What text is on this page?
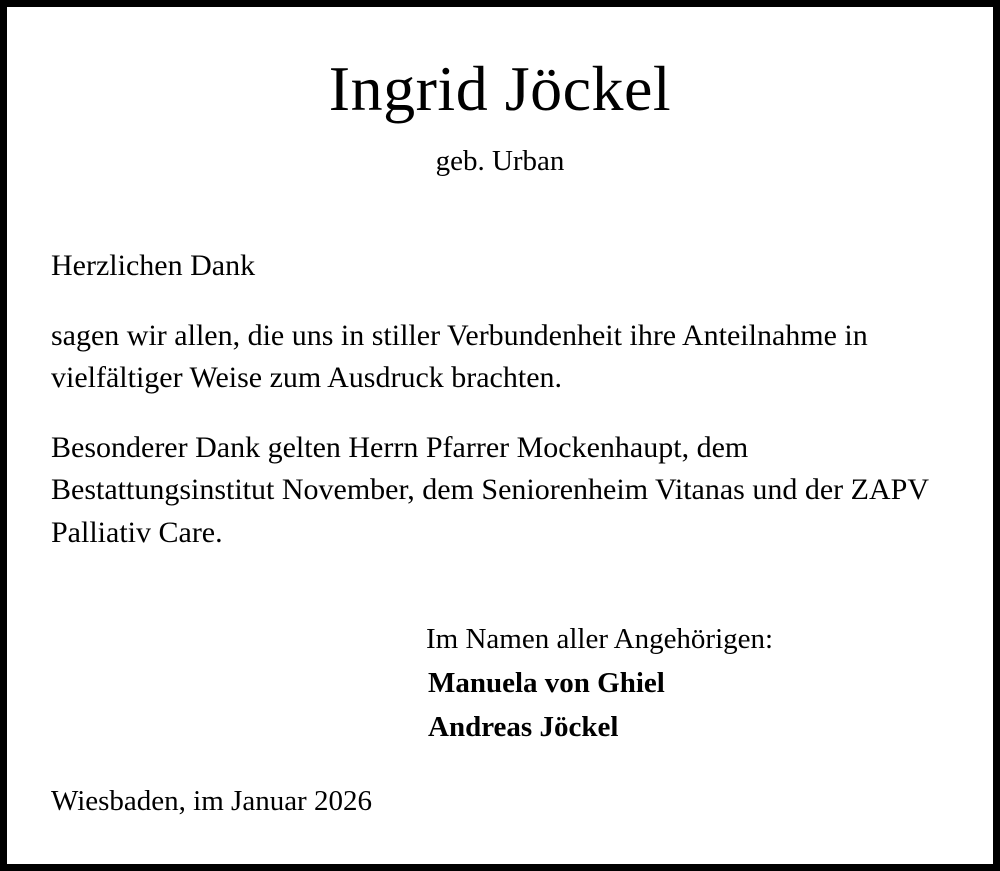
Ingrid Jöckel
geb. Urban

Herzlichen Dank

sagen wir allen, die uns in stiller Verbundenheit ihre Anteilnahme in vielfältiger Weise zum Ausdruck brachten.

Besonderer Dank gelten Herrn Pfarrer Mockenhaupt, dem Bestattungsinstitut November, dem Seniorenheim Vitanas und der ZAPV Palliativ Care.

Im Namen aller Angehörigen:
Manuela von Ghiel
Andreas Jöckel
Wiesbaden, im Januar 2026
